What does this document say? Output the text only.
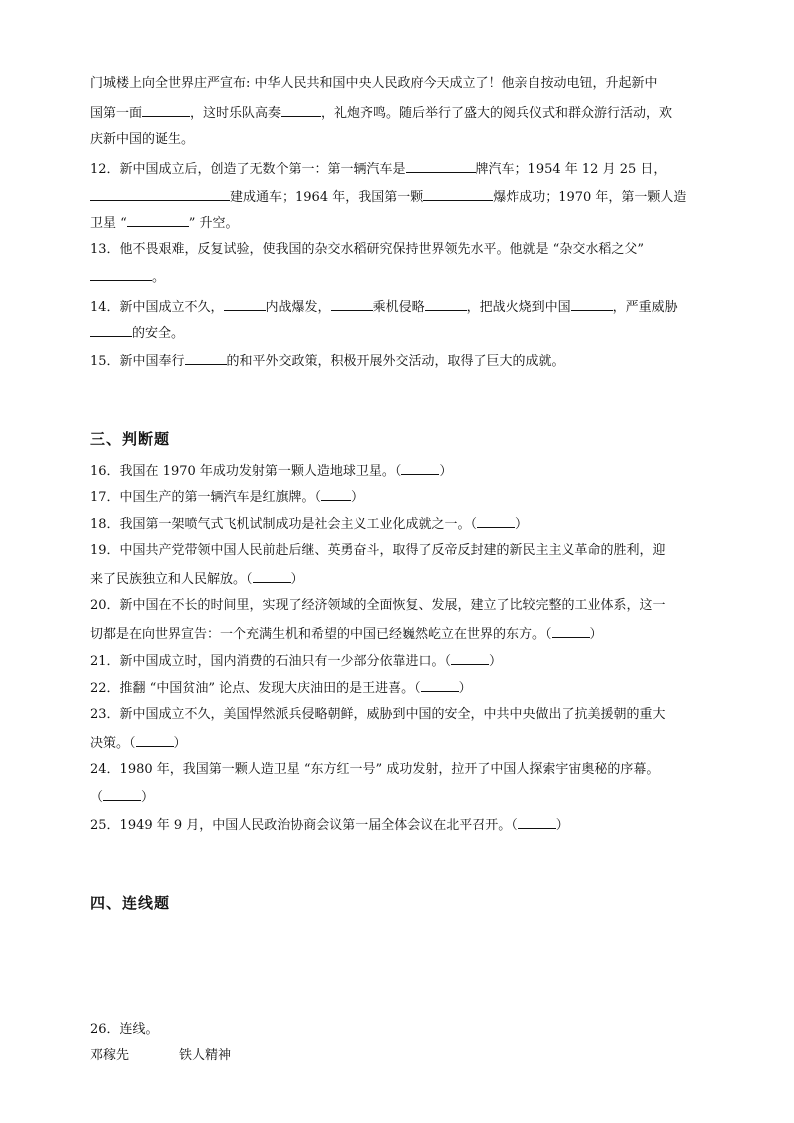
门城楼上向全世界庄严宣布: 中华人民共和国中央人民政府今天成立了！他亲自按动电钮，升起新中
国第一面	，这时乐队高奏	，礼炮齐鸣。随后举行了盛大的阅兵仪式和群众游行活动，欢
庆新中国的诞生。
12．新中国成立后，创造了无数个第一：第一辆汽车是	牌汽车；1954 年 12 月 25 日，
建成通车；1964 年，我国第一颗	爆炸成功；1970 年，第一颗人造
卫星 “	” 升空。
13．他不畏艰难，反复试验，使我国的杂交水稻研究保持世界领先水平。他就是 “杂交水稻之父”
。
14．新中国成立不久，	内战爆发，	乘机侵略	，把战火烧到中国	，严重威胁
的安全。
15．新中国奉行	的和平外交政策，积极开展外交活动，取得了巨大的成就。
三、判断题
16．我国在 1970 年成功发射第一颗人造地球卫星。（	）
17．中国生产的第一辆汽车是红旗牌。（ ）
18．我国第一架喷气式飞机试制成功是社会主义工业化成就之一。（	）
19．中国共产党带领中国人民前赴后继、英勇奋斗，取得了反帝反封建的新民主主义革命的胜利，迎
来了民族独立和人民解放。（	）
20．新中国在不长的时间里，实现了经济领域的全面恢复、发展，建立了比较完整的工业体系，这一
切都是在向世界宣告：一个充满生机和希望的中国已经巍然屹立在世界的东方。（	）
21．新中国成立时，国内消费的石油只有一少部分依靠进口。（	）
22．推翻 “中国贫油” 论点、发现大庆油田的是王进喜。（	）
23．新中国成立不久，美国悍然派兵侵略朝鲜，威胁到中国的安全，中共中央做出了抗美援朝的重大
决策。（	）
24．1980 年，我国第一颗人造卫星 “东方红一号” 成功发射，拉开了中国人探索宇宙奥秘的序幕。
（	）
25．1949 年 9 月，中国人民政治协商会议第一届全体会议在北平召开。（	）
四、连线题
26．连线。
邓稼先	铁人精神
